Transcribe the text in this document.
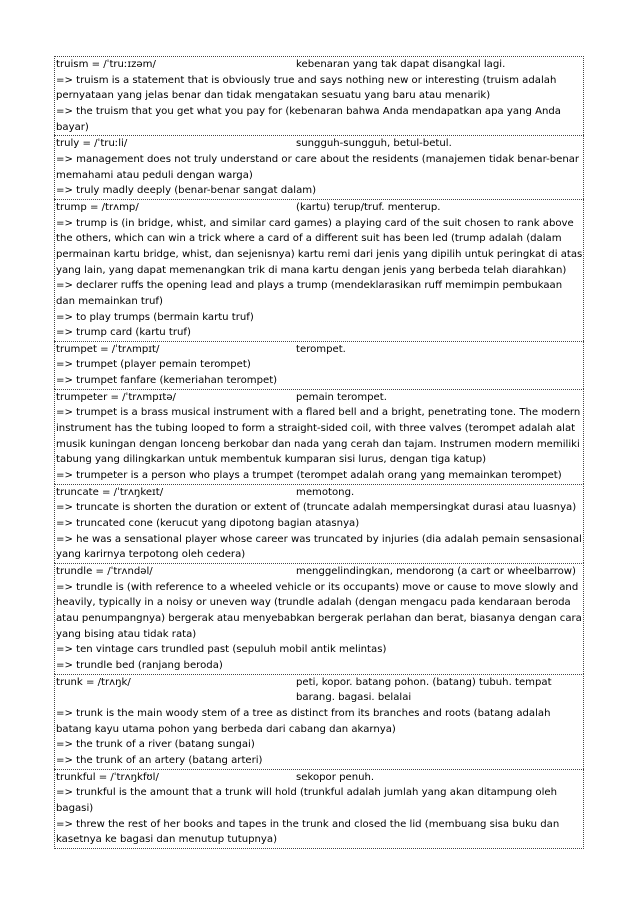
truism = /ˈtruːɪzəm/	kebenaran yang tak dapat disangkal lagi.
=> truism is a statement that is obviously true and says nothing new or interesting (truism adalah pernyataan yang jelas benar dan tidak mengatakan sesuatu yang baru atau menarik)
=> the truism that you get what you pay for (kebenaran bahwa Anda mendapatkan apa yang Anda bayar)
truly = /ˈtruːli/	sungguh-sungguh, betul-betul.
=> management does not truly understand or care about the residents (manajemen tidak benar-benar memahami atau peduli dengan warga)
=> truly madly deeply (benar-benar sangat dalam)
trump = /trʌmp/	(kartu) terup/truf. menterup.
=> trump is (in bridge, whist, and similar card games) a playing card of the suit chosen to rank above the others, which can win a trick where a card of a different suit has been led (trump adalah (dalam permainan kartu bridge, whist, dan sejenisnya) kartu remi dari jenis yang dipilih untuk peringkat di atas yang lain, yang dapat memenangkan trik di mana kartu dengan jenis yang berbeda telah diarahkan)
=> declarer ruffs the opening lead and plays a trump (mendeklarasikan ruff memimpin pembukaan dan memainkan truf)
=> to play trumps (bermain kartu truf)
=> trump card (kartu truf)
trumpet = /ˈtrʌmpɪt/	terompet.
=> trumpet (player pemain terompet)
=> trumpet fanfare (kemeriahan terompet)
trumpeter = /ˈtrʌmpɪtə/	pemain terompet.
=> trumpet is a brass musical instrument with a flared bell and a bright, penetrating tone. The modern instrument has the tubing looped to form a straight-sided coil, with three valves (terompet adalah alat musik kuningan dengan lonceng berkobar dan nada yang cerah dan tajam. Instrumen modern memiliki tabung yang dilingkarkan untuk membentuk kumparan sisi lurus, dengan tiga katup)
=> trumpeter is a person who plays a trumpet (terompet adalah orang yang memainkan terompet)
truncate = /ˈtrʌŋkeɪt/	memotong.
=> truncate is shorten the duration or extent of (truncate adalah mempersingkat durasi atau luasnya)
=> truncated cone (kerucut yang dipotong bagian atasnya)
=> he was a sensational player whose career was truncated by injuries (dia adalah pemain sensasional yang karirnya terpotong oleh cedera)
trundle = /ˈtrʌndəl/	menggelindingkan, mendorong (a cart or wheelbarrow)
=> trundle is (with reference to a wheeled vehicle or its occupants) move or cause to move slowly and heavily, typically in a noisy or uneven way (trundle adalah (dengan mengacu pada kendaraan beroda atau penumpangnya) bergerak atau menyebabkan bergerak perlahan dan berat, biasanya dengan cara yang bising atau tidak rata)
=> ten vintage cars trundled past (sepuluh mobil antik melintas)
=> trundle bed (ranjang beroda)
trunk = /trʌŋk/	peti, kopor. batang pohon. (batang) tubuh. tempat barang. bagasi. belalai
=> trunk is the main woody stem of a tree as distinct from its branches and roots (batang adalah batang kayu utama pohon yang berbeda dari cabang dan akarnya)
=> the trunk of a river (batang sungai)
=> the trunk of an artery (batang arteri)
trunkful = /ˈtrʌŋkfʊl/	sekopor penuh.
=> trunkful is the amount that a trunk will hold (trunkful adalah jumlah yang akan ditampung oleh bagasi)
=> threw the rest of her books and tapes in the trunk and closed the lid (membuang sisa buku dan kasetnya ke bagasi dan menutup tutupnya)
